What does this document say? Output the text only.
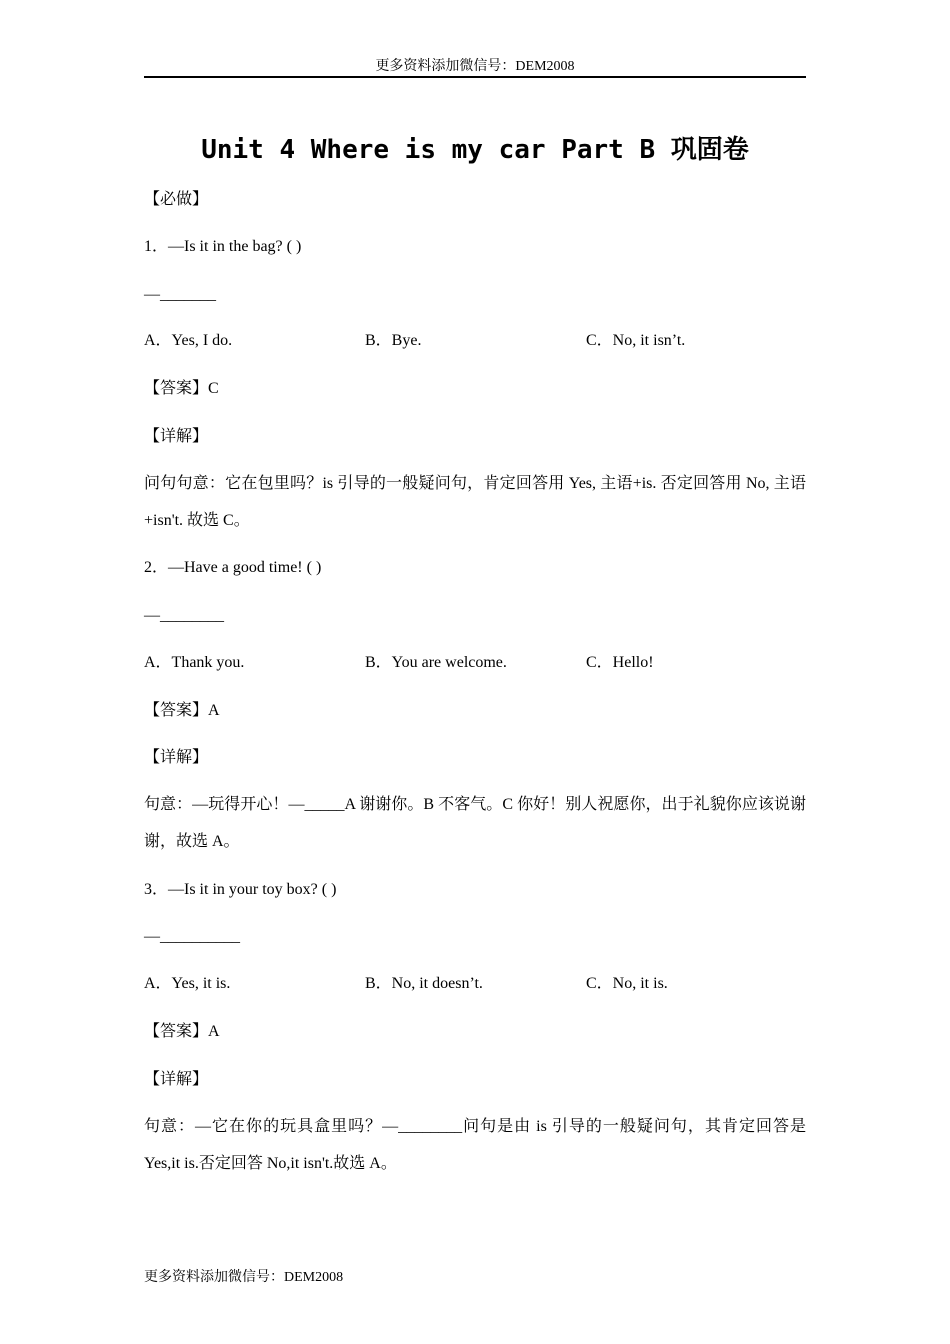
更多资料添加微信号：DEM2008
Unit 4 Where is my car Part B 巩固卷
【必做】
1．—Is it in the bag? ( )
—_______
A．Yes, I do.	B．Bye.	C．No, it isn’t.
【答案】C
【详解】
问句句意：它在包里吗？is 引导的一般疑问句，肯定回答用 Yes, 主语+is. 否定回答用 No, 主语+isn't. 故选 C。
2．—Have a good time! ( )
—________
A．Thank you.	B．You are welcome.	C．Hello!
【答案】A
【详解】
句意：—玩得开心！—_____A 谢谢你。B 不客气。C 你好！别人祝愿你，出于礼貌你应该说谢谢，故选 A。
3．—Is it in your toy box? ( )
—__________
A．Yes, it is.	B．No, it doesn’t.	C．No, it is.
【答案】A
【详解】
句意：—它在你的玩具盒里吗？—________问句是由 is 引导的一般疑问句，其肯定回答是 Yes,it is.否定回答 No,it isn't.故选 A。
更多资料添加微信号：DEM2008
